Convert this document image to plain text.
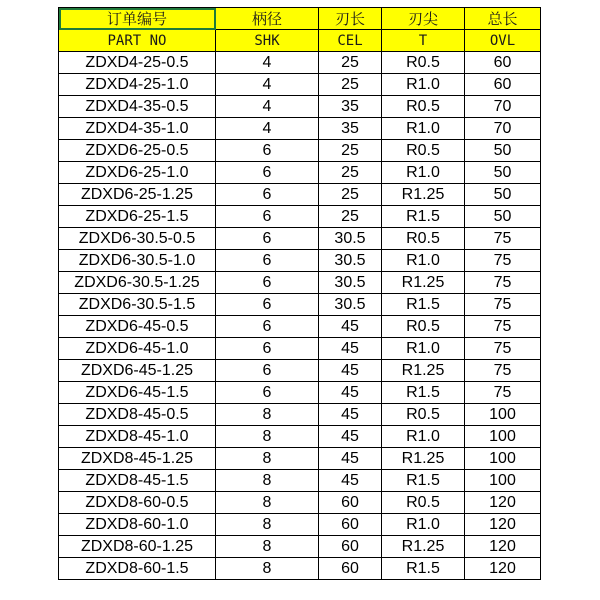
订单编号	柄径	刃长	刃尖	总长
PART NO	SHK	CEL	T	OVL
ZDXD4-25-0.5	4	25	R0.5	60
ZDXD4-25-1.0	4	25	R1.0	60
ZDXD4-35-0.5	4	35	R0.5	70
ZDXD4-35-1.0	4	35	R1.0	70
ZDXD6-25-0.5	6	25	R0.5	50
ZDXD6-25-1.0	6	25	R1.0	50
ZDXD6-25-1.25	6	25	R1.25	50
ZDXD6-25-1.5	6	25	R1.5	50
ZDXD6-30.5-0.5	6	30.5	R0.5	75
ZDXD6-30.5-1.0	6	30.5	R1.0	75
ZDXD6-30.5-1.25	6	30.5	R1.25	75
ZDXD6-30.5-1.5	6	30.5	R1.5	75
ZDXD6-45-0.5	6	45	R0.5	75
ZDXD6-45-1.0	6	45	R1.0	75
ZDXD6-45-1.25	6	45	R1.25	75
ZDXD6-45-1.5	6	45	R1.5	75
ZDXD8-45-0.5	8	45	R0.5	100
ZDXD8-45-1.0	8	45	R1.0	100
ZDXD8-45-1.25	8	45	R1.25	100
ZDXD8-45-1.5	8	45	R1.5	100
ZDXD8-60-0.5	8	60	R0.5	120
ZDXD8-60-1.0	8	60	R1.0	120
ZDXD8-60-1.25	8	60	R1.25	120
ZDXD8-60-1.5	8	60	R1.5	120
